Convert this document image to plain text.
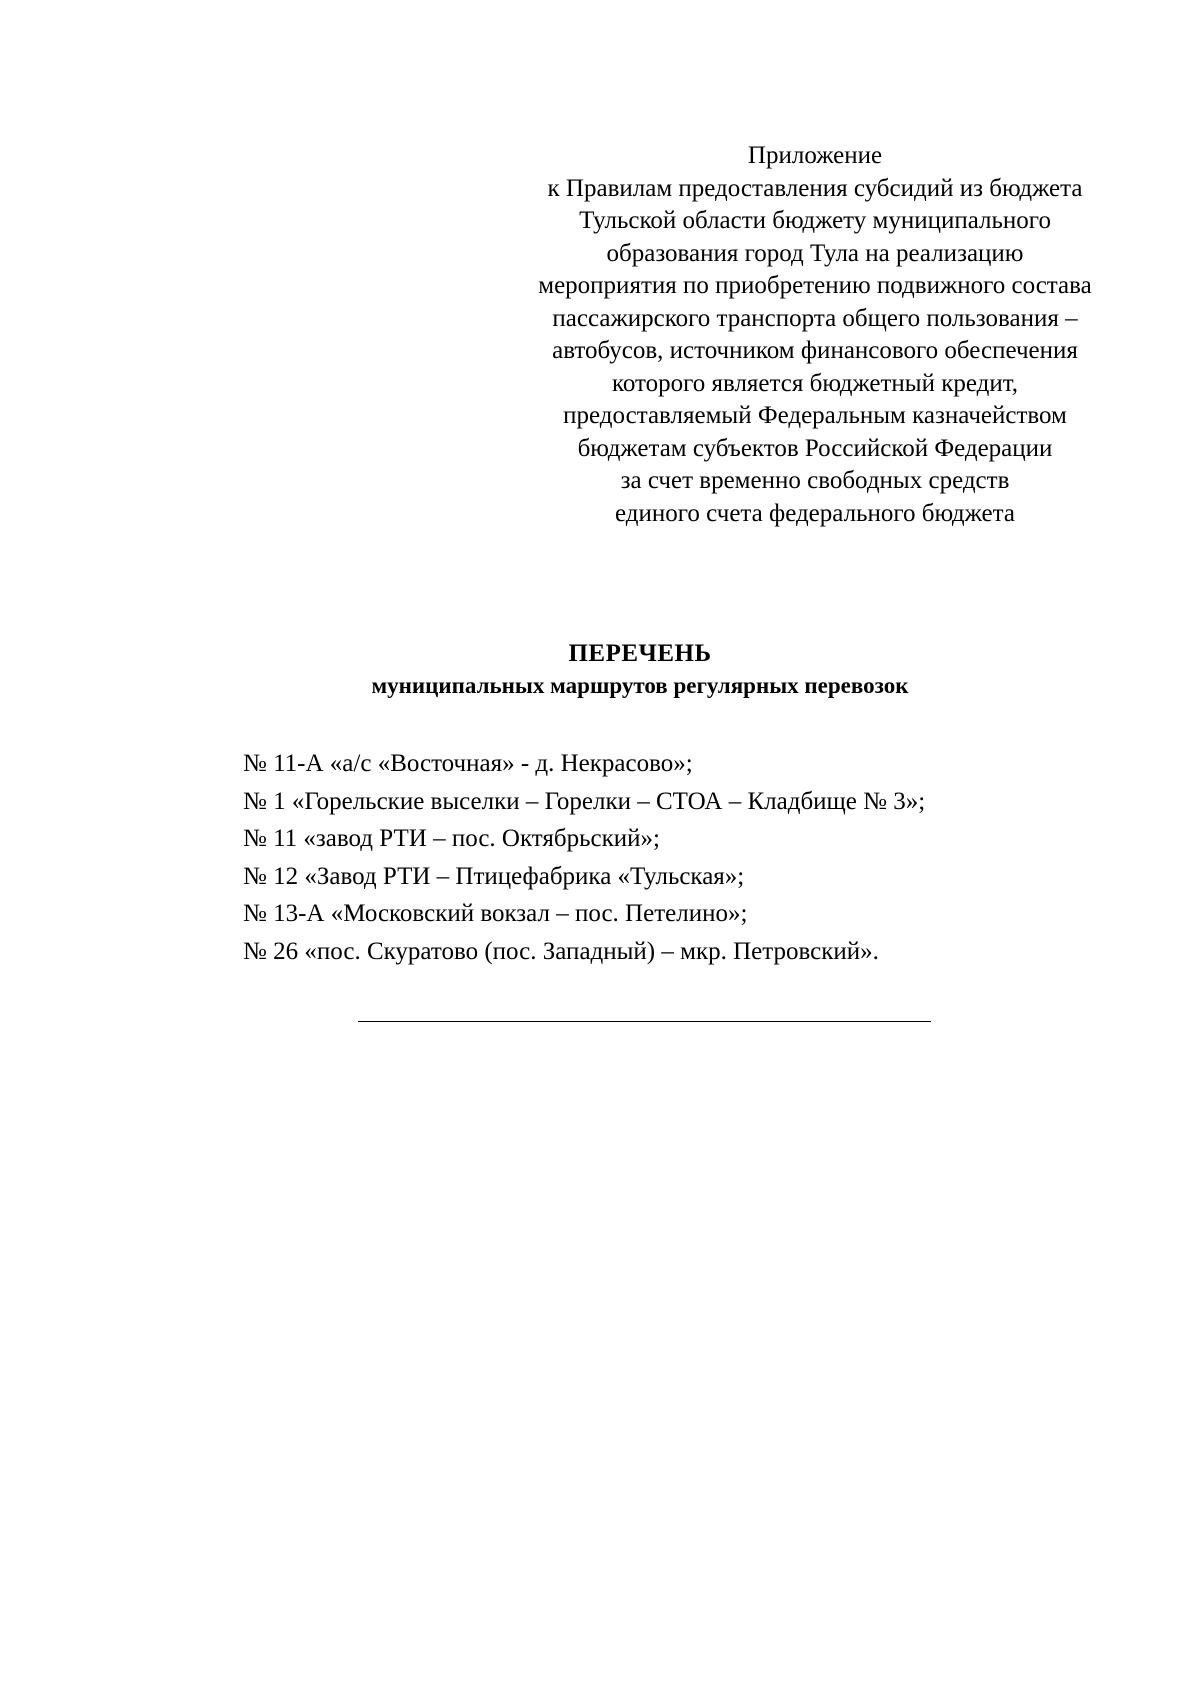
Приложение
к Правилам предоставления субсидий из бюджета
Тульской области бюджету муниципального
образования город Тула на реализацию
мероприятия по приобретению подвижного состава
пассажирского транспорта общего пользования –
автобусов, источником финансового обеспечения
которого является бюджетный кредит,
предоставляемый Федеральным казначейством
бюджетам субъектов Российской Федерации
за счет временно свободных средств
единого счета федерального бюджета
ПЕРЕЧЕНЬ
муниципальных маршрутов регулярных перевозок
№ 11-А «а/с «Восточная» - д. Некрасово»;
№ 1 «Горельские выселки – Горелки – СТОА – Кладбище № 3»;
№ 11 «завод РТИ – пос. Октябрьский»;
№ 12 «Завод РТИ – Птицефабрика «Тульская»;
№ 13-А «Московский вокзал – пос. Петелино»;
№ 26 «пос. Скуратово (пос. Западный) – мкр. Петровский».
